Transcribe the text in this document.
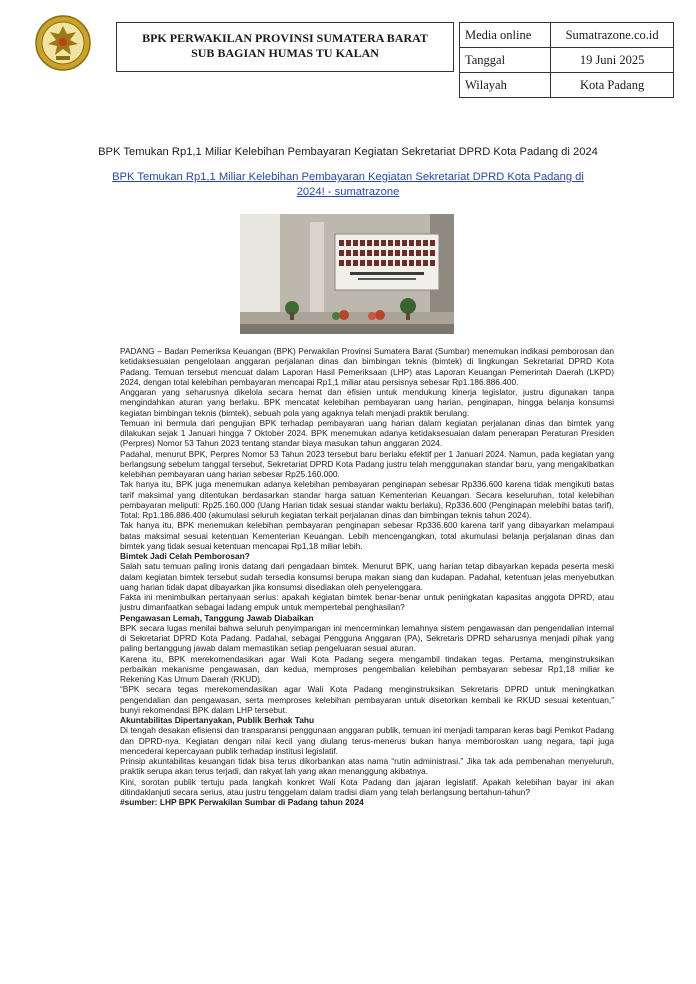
BPK PERWAKILAN PROVINSI SUMATERA BARAT
SUB BAGIAN HUMAS TU KALAN
Media online	Sumatrazone.co.id
Tanggal	19 Juni 2025
Wilayah	Kota Padang
BPK Temukan Rp1,1 Miliar Kelebihan Pembayaran Kegiatan Sekretariat DPRD Kota Padang di 2024
BPK Temukan Rp1,1 Miliar Kelebihan Pembayaran Kegiatan Sekretariat DPRD Kota Padang di 2024! - sumatrazone

PADANG – Badan Pemeriksa Keuangan (BPK) Perwakilan Provinsi Sumatera Barat (Sumbar) menemukan indikasi pemborosan dan ketidaksesuaian pengelolaan anggaran perjalanan dinas dan bimbingan teknis (bimtek) di lingkungan Sekretariat DPRD Kota Padang. Temuan tersebut mencuat dalam Laporan Hasil Pemeriksaan (LHP) atas Laporan Keuangan Pemerintah Daerah (LKPD) 2024, dengan total kelebihan pembayaran mencapai Rp1,1 miliar atau persisnya sebesar Rp1.186.886.400.

Anggaran yang seharusnya dikelola secara hemat dan efisien untuk mendukung kinerja legislator, justru digunakan tanpa mengindahkan aturan yang berlaku. BPK mencatat kelebihan pembayaran uang harian, penginapan, hingga belanja konsumsi kegiatan bimbingan teknis (bimtek), sebuah pola yang agaknya telah menjadi praktik berulang.

Temuan ini bermula dari pengujian BPK terhadap pembayaran uang harian dalam kegiatan perjalanan dinas dan bimtek yang dilakukan sejak 1 Januari hingga 7 Oktober 2024. BPK menemukan adanya ketidaksesuaian dalam penerapan Peraturan Presiden (Perpres) Nomor 53 Tahun 2023 tentang standar biaya masukan tahun anggaran 2024.

Padahal, menurut BPK, Perpres Nomor 53 Tahun 2023 tersebut baru berlaku efektif per 1 Januari 2024. Namun, pada kegiatan yang berlangsung sebelum tanggal tersebut, Sekretariat DPRD Kota Padang justru telah menggunakan standar baru, yang mengakibatkan kelebihan pembayaran uang harian sebesar Rp25.160.000.

Tak hanya itu, BPK juga menemukan adanya kelebihan pembayaran penginapan sebesar Rp336.600 karena tidak mengikuti batas tarif maksimal yang ditentukan berdasarkan standar harga satuan Kementerian Keuangan. Secara keseluruhan, total kelebihan pembayaran meliputi: Rp25.160.000 (Uang Harian tidak sesuai standar waktu berlaku), Rp336.600 (Penginapan melebihi batas tarif), Total: Rp1.186.886.400 (akumulasi seluruh kegiatan terkait perjalanan dinas dan bimbingan teknis tahun 2024).

Tak hanya itu, BPK menemukan kelebihan pembayaran penginapan sebesar Rp336.600 karena tarif yang dibayarkan melampaui batas maksimal sesuai ketentuan Kementerian Keuangan. Lebih mencengangkan, total akumulasi belanja perjalanan dinas dan bimtek yang tidak sesuai ketentuan mencapai Rp1,18 miliar lebih.

Bimtek Jadi Celah Pemborosan?

Salah satu temuan paling ironis datang dari pengadaan bimtek. Menurut BPK, uang harian tetap dibayarkan kepada peserta meski dalam kegiatan bimtek tersebut sudah tersedia konsumsi berupa makan siang dan kudapan. Padahal, ketentuan jelas menyebutkan uang harian tidak dapat dibayarkan jika konsumsi disediakan oleh penyelenggara.

Fakta ini menimbulkan pertanyaan serius: apakah kegiatan bimtek benar-benar untuk peningkatan kapasitas anggota DPRD, atau justru dimanfaatkan sebagai ladang empuk untuk mempertebal penghasilan?

Pengawasan Lemah, Tanggung Jawab Diabaikan

BPK secara lugas menilai bahwa seluruh penyimpangan ini mencerminkan lemahnya sistem pengawasan dan pengendalian internal di Sekretariat DPRD Kota Padang. Padahal, sebagai Pengguna Anggaran (PA), Sekretaris DPRD seharusnya menjadi pihak yang paling bertanggung jawab dalam memastikan setiap pengeluaran sesuai aturan.

Karena itu, BPK merekomendasikan agar Wali Kota Padang segera mengambil tindakan tegas. Pertama, menginstruksikan perbaikan mekanisme pengawasan, dan kedua, memproses pengembalian kelebihan pembayaran sebesar Rp1,18 miliar ke Rekening Kas Umum Daerah (RKUD).

“BPK secara tegas merekomendasikan agar Wali Kota Padang menginstruksikan Sekretaris DPRD untuk meningkatkan pengendalian dan pengawasan, serta memproses kelebihan pembayaran untuk disetorkan kembali ke RKUD sesuai ketentuan,” bunyi rekomendasi BPK dalam LHP tersebut.

Akuntabilitas Dipertanyakan, Publik Berhak Tahu

Di tengah desakan efisiensi dan transparansi penggunaan anggaran publik, temuan ini menjadi tamparan keras bagi Pemkot Padang dan DPRD-nya. Kegiatan dengan nilai kecil yang diulang terus-menerus bukan hanya memboroskan uang negara, tapi juga mencederai kepercayaan publik terhadap institusi legislatif.

Prinsip akuntabilitas keuangan tidak bisa terus dikorbankan atas nama “rutin administrasi.” Jika tak ada pembenahan menyeluruh, praktik serupa akan terus terjadi, dan rakyat lah yang akan menanggung akibatnya.

Kini, sorotan publik tertuju pada langkah konkret Wali Kota Padang dan jajaran legislatif. Apakah kelebihan bayar ini akan ditindaklanjuti secara serius, atau justru tenggelam dalam tradisi diam yang telah berlangsung bertahun-tahun?

#sumber: LHP BPK Perwakilan Sumbar di Padang tahun 2024
